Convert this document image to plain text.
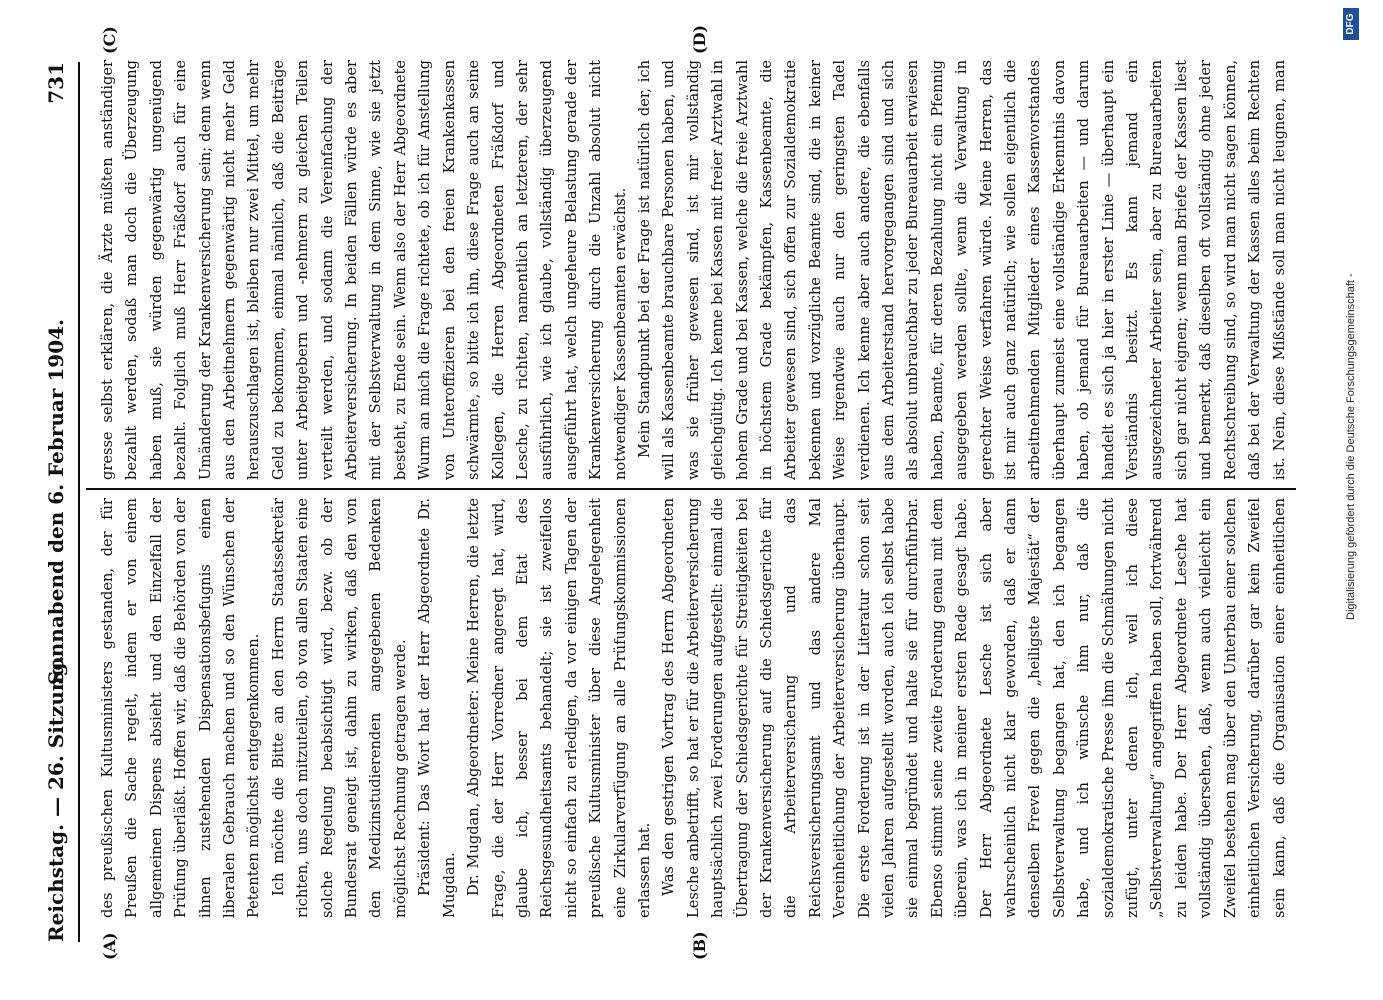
Reichstag. — 26. Sitzung.
Sonnabend den 6. Februar 1904.
731
(A)	(B)
(C)	(D)

des preußischen Kultusministers gestanden, der für Preußen die Sache regelt, indem er von einem allgemeinen Dispens absieht und den Einzelfall der Prüfung überläßt. Hoffen wir, daß die Behörden von der ihnen zustehenden Dispensationsbefugnis einen liberalen Gebrauch machen und so den Wünschen der Petenten möglichst entgegenkommen. Ich möchte die Bitte an den Herrn Staatssekretär richten, uns doch mitzuteilen, ob von allen Staaten eine solche Regelung beabsichtigt wird, bezw. ob der Bundesrat geneigt ist, dahin zu wirken, daß den von den Medizinstudierenden angegebenen Bedenken möglichst Rechnung getragen werde. Präsident: Das Wort hat der Herr Abgeordnete Dr. Mugdan. Dr. Mugdan, Abgeordneter: Meine Herren, die letzte Frage, die der Herr Vorredner angeregt hat, wird, glaube ich, besser bei dem Etat des Reichsgesundheitsamts behandelt; sie ist zweifellos nicht so einfach zu erledigen, da vor einigen Tagen der preußische Kultusminister über diese Angelegenheit eine Zirkularverfügung an alle Prüfungskommissionen erlassen hat. Was den gestrigen Vortrag des Herrn Abgeordneten Lesche anbetrifft, so hat er für die Arbeiterversicherung hauptsächlich zwei Forderungen aufgestellt: einmal die Übertragung der Schiedsgerichte für Streitigkeiten bei der Krankenversicherung auf die Schiedsgerichte für die Arbeiterversicherung und das Reichsversicherungsamt und das andere Mal Vereinheitlichung der Arbeiterversicherung überhaupt. Die erste Forderung ist in der Literatur schon seit vielen Jahren aufgestellt worden, auch ich selbst habe sie einmal begründet und halte sie für durchführbar. Ebenso stimmt seine zweite Forderung genau mit dem überein, was ich in meiner ersten Rede gesagt habe. Der Herr Abgeordnete Lesche ist sich aber wahrscheinlich nicht klar geworden, daß er dann denselben Frevel gegen die „heiligste Majestät“ der Selbstverwaltung begangen hat, den ich begangen habe, und ich wünsche ihm nur, daß die sozialdemokratische Presse ihm die Schmähungen nicht zufügt, unter denen ich, weil ich diese „Selbstverwaltung“ angegriffen haben soll, fortwährend zu leiden habe. Der Herr Abgeordnete Lesche hat vollständig übersehen, daß, wenn auch vielleicht ein Zweifel bestehen mag über den Unterbau einer solchen einheitlichen Versicherung, darüber gar kein Zweifel sein kann, daß die Organisation einer einheitlichen

gresse selbst erklären, die Ärzte müßten anständiger bezahlt werden, sodaß man doch die Überzeugung haben muß, sie würden gegenwärtig ungenügend bezahlt. Folglich muß Herr Fräßdorf auch für eine Umänderung der Krankenversicherung sein; denn wenn aus den Arbeitnehmern gegenwärtig nicht mehr Geld herauszuschlagen ist, bleiben nur zwei Mittel, um mehr Geld zu bekommen, einmal nämlich, daß die Beiträge unter Arbeitgebern und -nehmern zu gleichen Teilen verteilt werden, und sodann die Vereinfachung der Arbeiterversicherung. In beiden Fällen würde es aber mit der Selbstverwaltung in dem Sinne, wie sie jetzt besteht, zu Ende sein. Wenn also der Herr Abgeordnete Wurm an mich die Frage richtete, ob ich für Anstellung von Unteroffizieren bei den freien Krankenkassen schwärmte, so bitte ich ihn, diese Frage auch an seine Kollegen, die Herren Abgeordneten Fräßdorf und Lesche, zu richten, namentlich an letzteren, der sehr ausführlich, wie ich glaube, vollständig überzeugend ausgeführt hat, welch ungeheure Belastung gerade der Krankenversicherung durch die Unzahl absolut nicht notwendiger Kassenbeamten erwächst. Mein Standpunkt bei der Frage ist natürlich der, ich will als Kassenbeamte brauchbare Personen haben, und was sie früher gewesen sind, ist mir vollständig gleichgültig. Ich kenne bei Kassen mit freier Arztwahl in hohem Grade und bei Kassen, welche die freie Arztwahl in höchstem Grade bekämpfen, Kassenbeamte, die Arbeiter gewesen sind, sich offen zur Sozialdemokratie bekennen und vorzügliche Beamte sind, die in keiner Weise irgendwie auch nur den geringsten Tadel verdienen. Ich kenne aber auch andere, die ebenfalls aus dem Arbeiterstand hervorgegangen sind und sich als absolut unbrauchbar zu jeder Bureauarbeit erwiesen haben, Beamte, für deren Bezahlung nicht ein Pfennig ausgegeben werden sollte, wenn die Verwaltung in gerechter Weise verfahren würde. Meine Herren, das ist mir auch ganz natürlich; wie sollen eigentlich die arbeitnehmenden Mitglieder eines Kassenvorstandes überhaupt zumeist eine vollständige Erkenntnis davon haben, ob jemand für Bureauarbeiten — und darum handelt es sich ja hier in erster Linie — überhaupt ein Verständnis besitzt. Es kann jemand ein ausgezeichneter Arbeiter sein, aber zu Bureauarbeiten sich gar nicht eignen; wenn man Briefe der Kassen liest und bemerkt, daß dieselben oft vollständig ohne jeder Rechtschreibung sind, so wird man nicht sagen können, daß bei der Verwaltung der Kassen alles beim Rechten ist. Nein, diese Mißstände soll man nicht leugnen, man

Digitalisierung gefördert durch die Deutsche Forschungsgemeinschaft -
DFG
